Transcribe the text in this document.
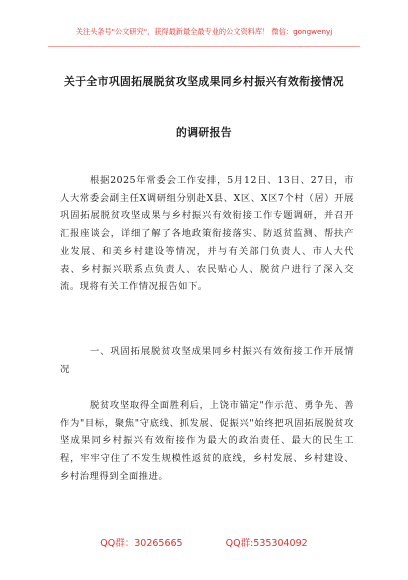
关注头条号"公文研究"，获得最新最全最专业的公文资料库！ 微信：gongwenyj
关于全市巩固拓展脱贫攻坚成果同乡村振兴有效衔接情况
的调研报告

根据2025年常委会工作安排，5月12日、13日、27日，市人大常委会副主任X调研组分别赴X县、X区、X区7个村（居）开展巩固拓展脱贫攻坚成果与乡村振兴有效衔接工作专题调研，并召开汇报座谈会，详细了解了各地政策衔接落实、防返贫监测、帮扶产业发展、和美乡村建设等情况，并与有关部门负责人、市人大代表、乡村振兴联系点负责人、农民贴心人、脱贫户进行了深入交流。现将有关工作情况报告如下。

一、巩固拓展脱贫攻坚成果同乡村振兴有效衔接工作开展情况

脱贫攻坚取得全面胜利后，上饶市锚定"作示范、勇争先、善作为"目标，聚焦"守底线、抓发展、促振兴"始终把巩固拓展脱贫攻坚成果同乡村振兴有效衔接作为最大的政治责任、最大的民生工程，牢牢守住了不发生规模性返贫的底线，乡村发展、乡村建设、乡村治理得到全面推进。

QQ群：30265665	QQ群:535304092
